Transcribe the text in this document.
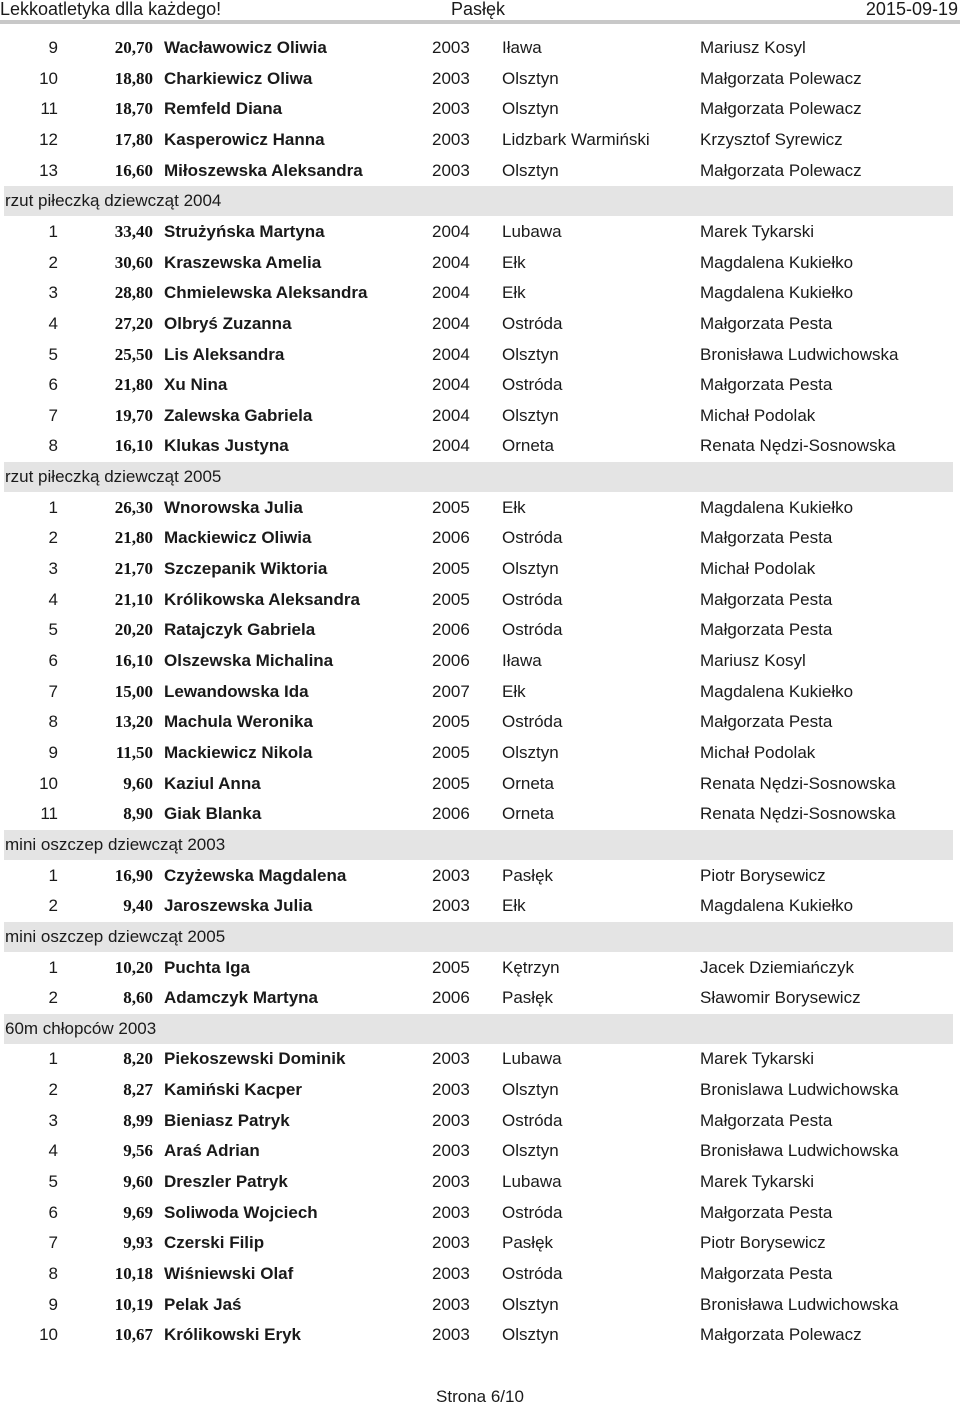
Lekkoatletyka dlla każdego!	Pasłęk	2015-09-19
9	20,70 Wacławowicz Oliwia	2003 Iława	Mariusz Kosyl
10	18,80 Charkiewicz Oliwa	2003 Olsztyn	Małgorzata Polewacz
11	18,70 Remfeld Diana	2003 Olsztyn	Małgorzata Polewacz
12	17,80 Kasperowicz Hanna	2003 Lidzbark Warmiński	Krzysztof Syrewicz
13	16,60 Miłoszewska Aleksandra	2003 Olsztyn	Małgorzata Polewacz
rzut piłeczką dziewcząt 2004
1	33,40 Strużyńska Martyna	2004 Lubawa	Marek Tykarski
2	30,60 Kraszewska Amelia	2004 Ełk	Magdalena Kukiełko
3	28,80 Chmielewska Aleksandra	2004 Ełk	Magdalena Kukiełko
4	27,20 Olbryś Zuzanna	2004 Ostróda	Małgorzata Pesta
5	25,50 Lis Aleksandra	2004 Olsztyn	Bronisława Ludwichowska
6	21,80 Xu Nina	2004 Ostróda	Małgorzata Pesta
7	19,70 Zalewska Gabriela	2004 Olsztyn	Michał Podolak
8	16,10 Klukas Justyna	2004 Orneta	Renata Nędzi-Sosnowska
rzut piłeczką dziewcząt 2005
1	26,30 Wnorowska Julia	2005 Ełk	Magdalena Kukiełko
2	21,80 Mackiewicz Oliwia	2006 Ostróda	Małgorzata Pesta
3	21,70 Szczepanik Wiktoria	2005 Olsztyn	Michał Podolak
4	21,10 Królikowska Aleksandra	2005 Ostróda	Małgorzata Pesta
5	20,20 Ratajczyk Gabriela	2006 Ostróda	Małgorzata Pesta
6	16,10 Olszewska Michalina	2006 Iława	Mariusz Kosyl
7	15,00 Lewandowska Ida	2007 Ełk	Magdalena Kukiełko
8	13,20 Machula Weronika	2005 Ostróda	Małgorzata Pesta
9	11,50 Mackiewicz Nikola	2005 Olsztyn	Michał Podolak
10	9,60 Kaziul Anna	2005 Orneta	Renata Nędzi-Sosnowska
11	8,90 Giak Blanka	2006 Orneta	Renata Nędzi-Sosnowska
mini oszczep dziewcząt 2003
1	16,90 Czyżewska Magdalena	2003 Pasłęk	Piotr Borysewicz
2	9,40 Jaroszewska Julia	2003 Ełk	Magdalena Kukiełko
mini oszczep dziewcząt 2005
1	10,20 Puchta Iga	2005 Kętrzyn	Jacek Dziemiańczyk
2	8,60 Adamczyk Martyna	2006 Pasłęk	Sławomir Borysewicz
60m chłopców 2003
1	8,20 Piekoszewski Dominik	2003 Lubawa	Marek Tykarski
2	8,27 Kamiński Kacper	2003 Olsztyn	Bronislawa Ludwichowska
3	8,99 Bieniasz Patryk	2003 Ostróda	Małgorzata Pesta
4	9,56 Araś Adrian	2003 Olsztyn	Bronisława Ludwichowska
5	9,60 Dreszler Patryk	2003 Lubawa	Marek Tykarski
6	9,69 Soliwoda Wojciech	2003 Ostróda	Małgorzata Pesta
7	9,93 Czerski Filip	2003 Pasłęk	Piotr Borysewicz
8	10,18 Wiśniewski Olaf	2003 Ostróda	Małgorzata Pesta
9	10,19 Pelak Jaś	2003 Olsztyn	Bronisława Ludwichowska
10	10,67 Królikowski Eryk	2003 Olsztyn	Małgorzata Polewacz
Strona 6/10
